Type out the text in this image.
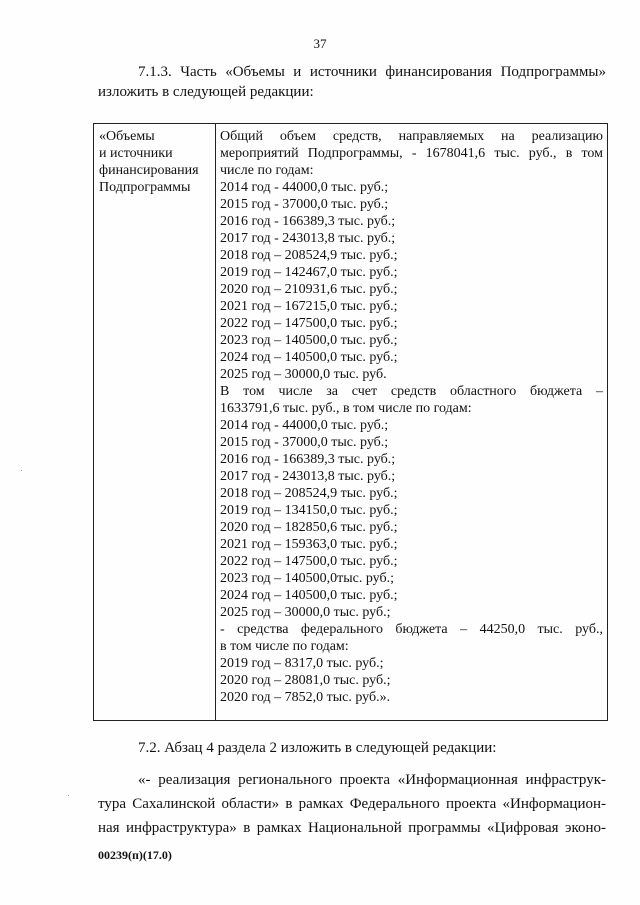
37
7.1.3. Часть «Объемы и источники финансирования Подпрограммы»
изложить в следующей редакции:
«Объемы
и источники
финансирования
Подпрограммы
Общий объем средств, направляемых на реализацию
мероприятий Подпрограммы, - 1678041,6 тыс. руб., в том
числе по годам:
2014 год - 44000,0 тыс. руб.;
2015 год - 37000,0 тыс. руб.;
2016 год - 166389,3 тыс. руб.;
2017 год - 243013,8 тыс. руб.;
2018 год – 208524,9 тыс. руб.;
2019 год – 142467,0 тыс. руб.;
2020 год – 210931,6 тыс. руб.;
2021 год – 167215,0 тыс. руб.;
2022 год – 147500,0 тыс. руб.;
2023 год – 140500,0 тыс. руб.;
2024 год – 140500,0 тыс. руб.;
2025 год – 30000,0 тыс. руб.
В том числе за счет средств областного бюджета –
1633791,6 тыс. руб., в том числе по годам:
2014 год - 44000,0 тыс. руб.;
2015 год - 37000,0 тыс. руб.;
2016 год - 166389,3 тыс. руб.;
2017 год - 243013,8 тыс. руб.;
2018 год – 208524,9 тыс. руб.;
2019 год – 134150,0 тыс. руб.;
2020 год – 182850,6 тыс. руб.;
2021 год – 159363,0 тыс. руб.;
2022 год – 147500,0 тыс. руб.;
2023 год – 140500,0тыс. руб.;
2024 год – 140500,0 тыс. руб.;
2025 год – 30000,0 тыс. руб.;
- средства федерального бюджета – 44250,0 тыс. руб.,
в том числе по годам:
2019 год – 8317,0 тыс. руб.;
2020 год – 28081,0 тыс. руб.;
2020 год – 7852,0 тыс. руб.».
7.2. Абзац 4 раздела 2 изложить в следующей редакции:
«- реализация регионального проекта «Информационная инфраструк-
тура Сахалинской области» в рамках Федерального проекта «Информацион-
ная инфраструктура» в рамках Национальной программы «Цифровая эконо-
00239(п)(17.0)
